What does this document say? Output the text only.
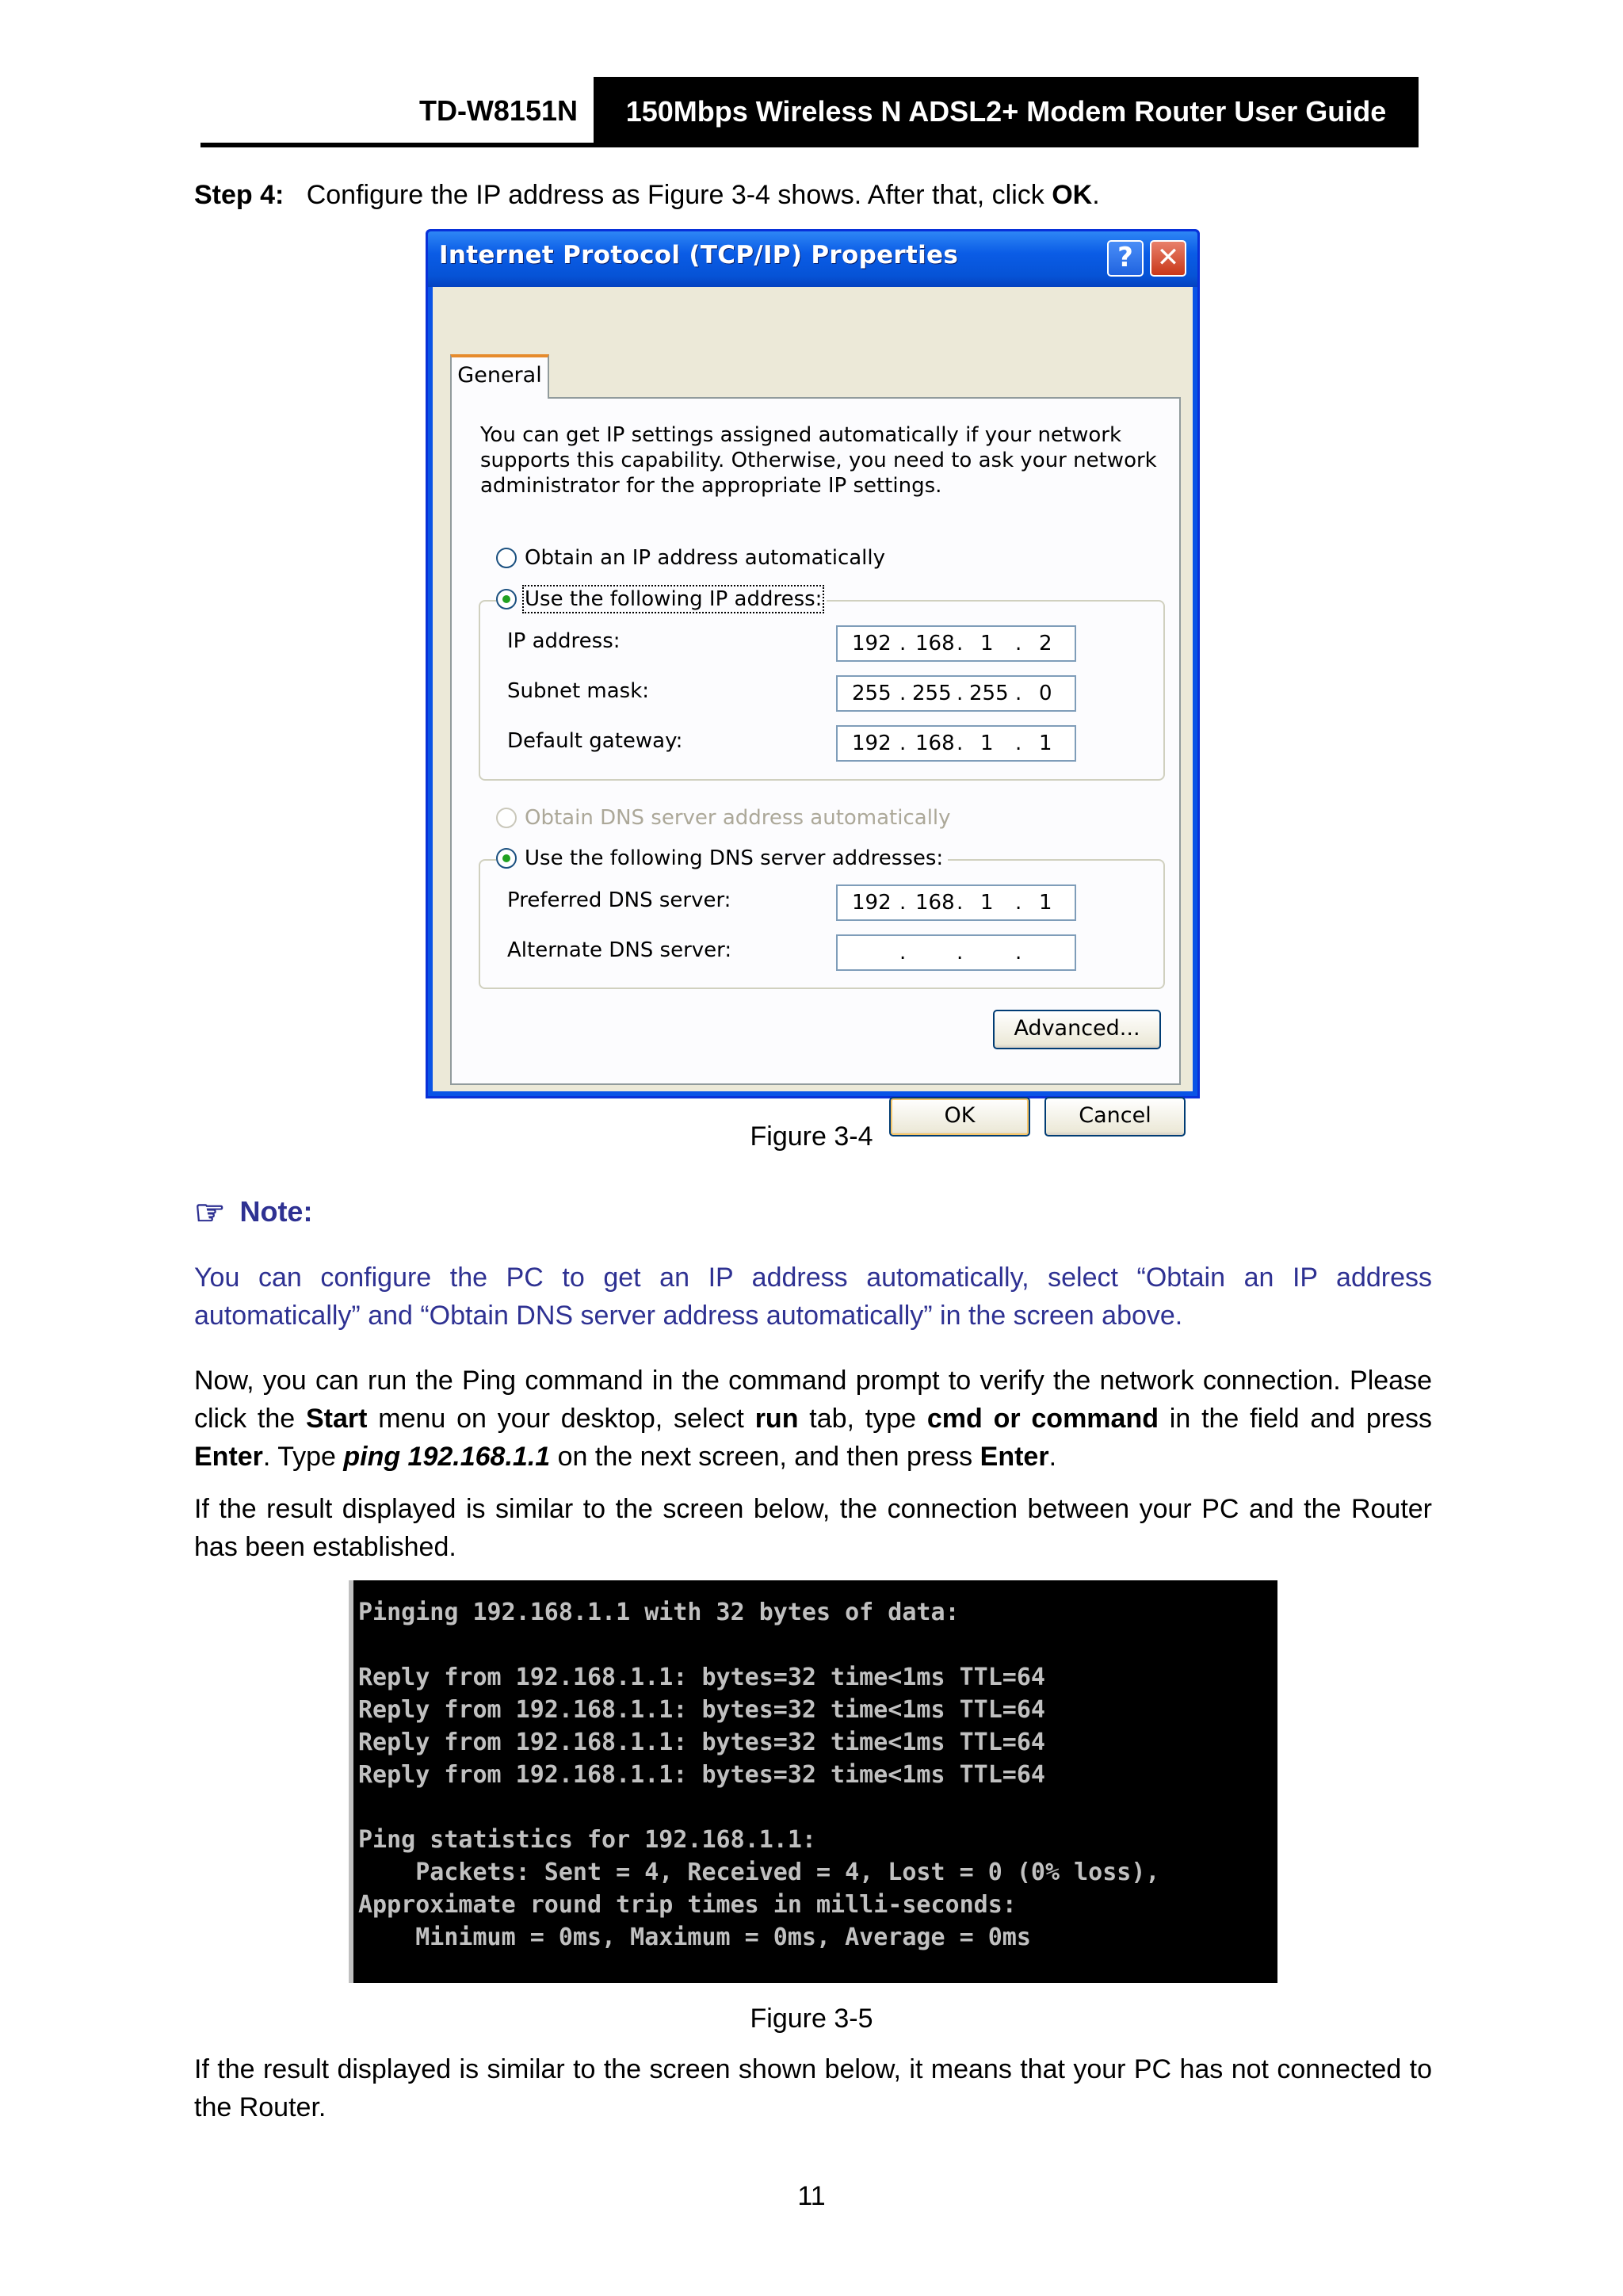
TD-W8151N	150Mbps Wireless N ADSL2+ Modem Router User Guide
Step 4: Configure the IP address as Figure 3-4 shows. After that, click OK.
Internet Protocol (TCP/IP) Properties	? ✕
General
You can get IP settings assigned automatically if your network supports this capability. Otherwise, you need to ask your network administrator for the appropriate IP settings.
Obtain an IP address automatically
IP address:	192 . 168 . 1 . 2
Subnet mask:	255 . 255 . 255 . 0
Default gateway:	192 . 168 . 1 . 1
Use the following IP address:
Obtain DNS server address automatically
Preferred DNS server:	192 . 168 . 1 . 1
Alternate DNS server:	. .	.
Use the following DNS server addresses:
Advanced...
OK	Cancel
Figure 3-4
☞ Note:
You can configure the PC to get an IP address automatically, select “Obtain an IP address automatically” and “Obtain DNS server address automatically” in the screen above.
Now, you can run the Ping command in the command prompt to verify the network connection. Please click the Start menu on your desktop, select run tab, type cmd or command in the field and press Enter. Type ping 192.168.1.1 on the next screen, and then press Enter.
If the result displayed is similar to the screen below, the connection between your PC and the Router has been established.
Pinging 192.168.1.1 with 32 bytes of data:
Reply from 192.168.1.1: bytes=32 time<1ms TTL=64
Reply from 192.168.1.1: bytes=32 time<1ms TTL=64
Reply from 192.168.1.1: bytes=32 time<1ms TTL=64
Reply from 192.168.1.1: bytes=32 time<1ms TTL=64
Ping statistics for 192.168.1.1:
Packets: Sent = 4, Received = 4, Lost = 0 (0% loss),
Approximate round trip times in milli-seconds:
Minimum = 0ms, Maximum = 0ms, Average = 0ms
Figure 3-5
If the result displayed is similar to the screen shown below, it means that your PC has not connected to the Router.
11
